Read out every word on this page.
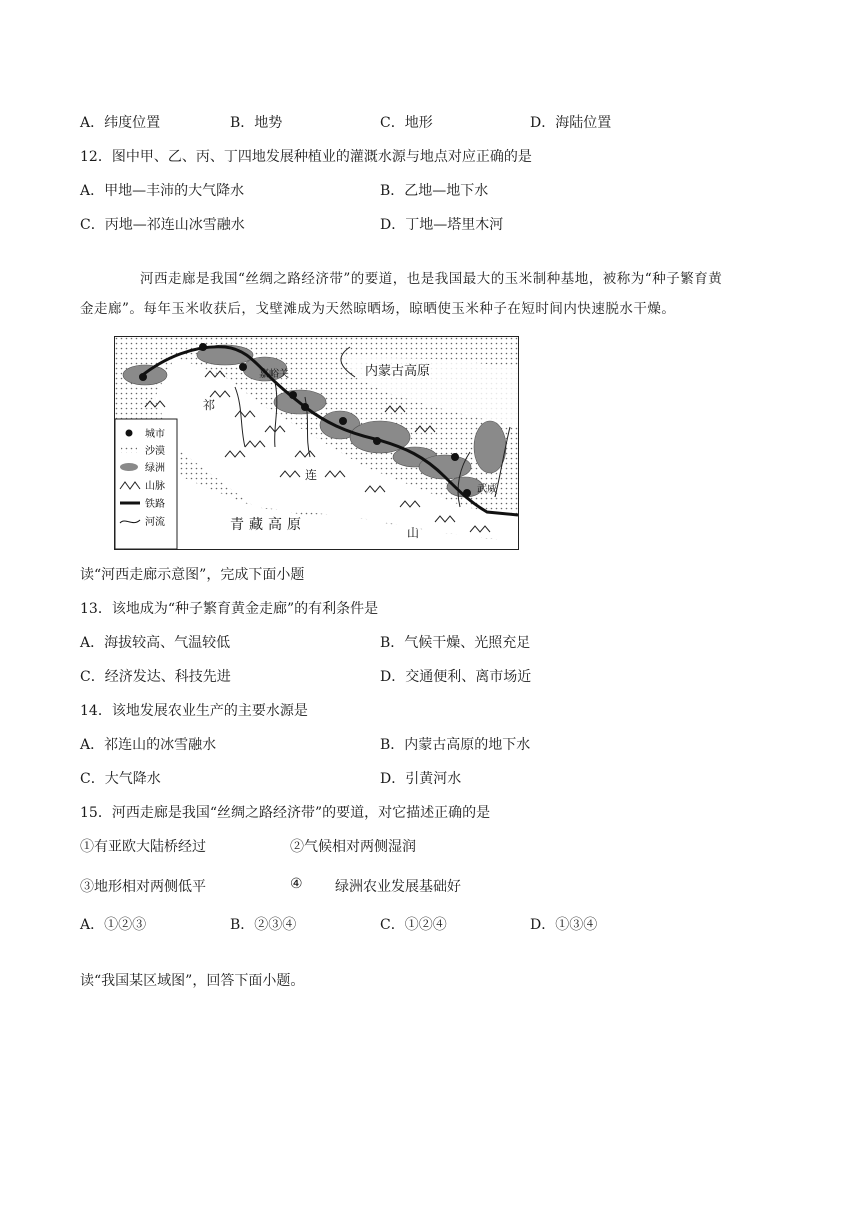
A．纬度位置	B．地势	C．地形	D．海陆位置
12．图中甲、乙、丙、丁四地发展种植业的灌溉水源与地点对应正确的是
A．甲地—丰沛的大气降水	B．乙地—地下水
C．丙地—祁连山冰雪融水	D．丁地—塔里木河

河西走廊是我国“丝绸之路经济带”的要道，也是我国最大的玉米制种基地，被称为“种子繁育黄

金走廊”。每年玉米收获后，戈壁滩成为天然晾晒场，晾晒使玉米种子在短时间内快速脱水干燥。

嘉峪关	内蒙古高原
祁
连
山
青藏高原
武威
城市
沙漠
绿洲
山脉
铁路
河流
读“河西走廊示意图”，完成下面小题
13．该地成为“种子繁育黄金走廊”的有利条件是
A．海拔较高、气温较低	B．气候干燥、光照充足
C．经济发达、科技先进	D．交通便利、离市场近
14．该地发展农业生产的主要水源是
A．祁连山的冰雪融水	B．内蒙古高原的地下水
C．大气降水	D．引黄河水
15．河西走廊是我国“丝绸之路经济带”的要道，对它描述正确的是
①有亚欧大陆桥经过	②气候相对两侧湿润
③地形相对两侧低平	④ 绿洲农业发展基础好
A．①②③	B．②③④	C．①②④	D．①③④
读“我国某区域图”，回答下面小题。
